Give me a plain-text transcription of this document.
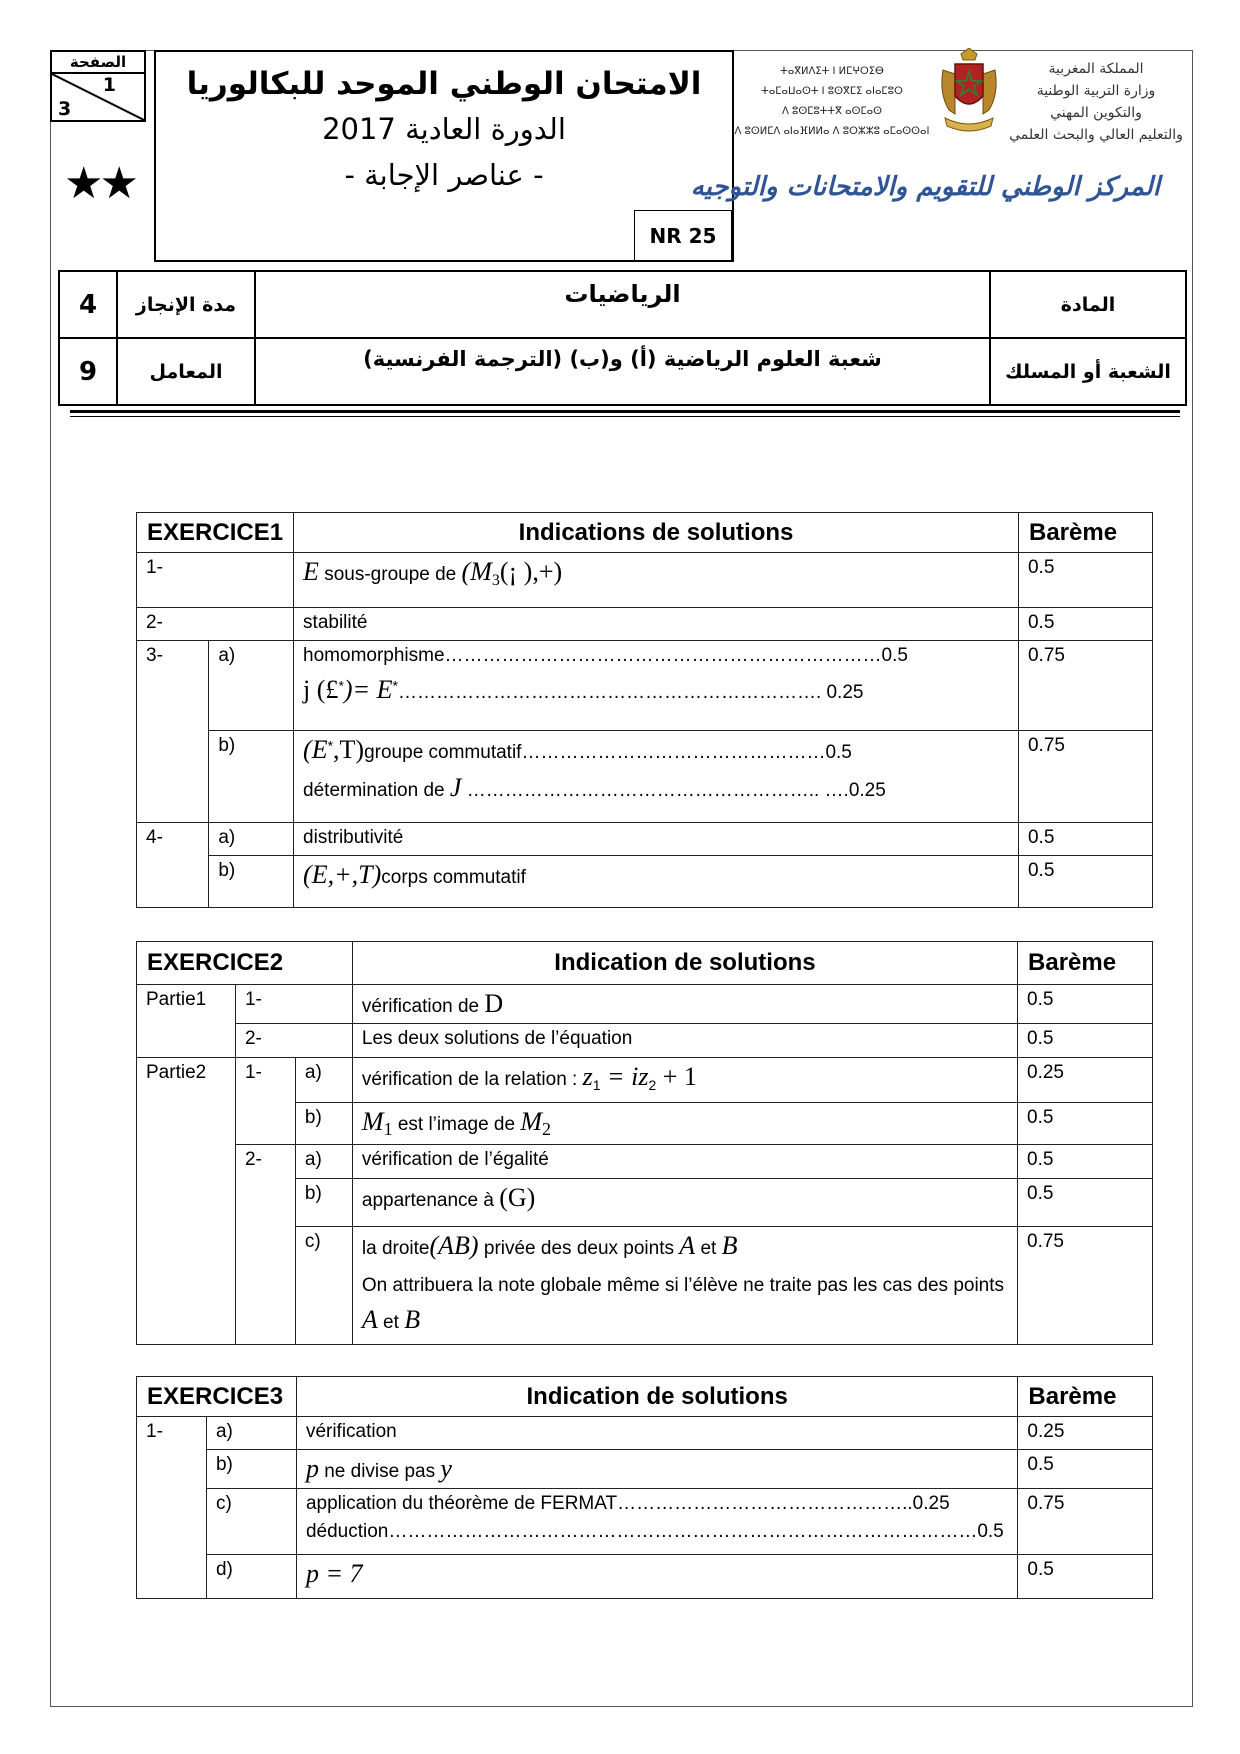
الصفحة
1
3
★★
الامتحان الوطني الموحد للبكالوريا
الدورة العادية 2017
- عناصر الإجابة -
NR 25
ⵜⴰⴳⵍⴷⵉⵜ ⵏ ⵍⵎⵖⵔⵉⴱ
ⵜⴰⵎⴰⵡⴰⵙⵜ ⵏ ⵓⵙⴳⵎⵉ ⴰⵏⴰⵎⵓⵔ
ⴷ ⵓⵙⵎⵓⵜⵜⴳ ⴰⵙⵎⴰⵙ
ⴷ ⵓⵙⵍⵎⴷ ⴰⵏⴰⴼⵍⵍⴰ ⴷ ⵓⵔⵣⵣⵓ ⴰⵎⴰⵙⵙⴰⵏ
المملكة المغربية
وزارة التربية الوطنية
والتكوين المهني
والتعليم العالي والبحث العلمي
المركز الوطني للتقويم والامتحانات والتوجيه
4	مدة الإنجاز	الرياضيات	المادة
9	المعامل	شعبة العلوم الرياضية (أ) و(ب) (الترجمة الفرنسية)	الشعبة أو المسلك
EXERCICE1		Indications de solutions	Barème
1-		E sous-groupe de ($M_3(¡$ ),+)	0.5
2-		stabilité	0.5
3-	a)	homomorphisme……………………………………………………………0.5
j (£*)= E*…………………………………………………………. 0.25	0.75
	b)	(E*,T)groupe commutatif…………………………………………0.5
détermination de J ……………………………………………….. ….0.25	0.75
4-	a)	distributivité	0.5
	b)	(E,+,T)corps commutatif	0.5
EXERCICE2			Indication de solutions	Barème
Partie1	1-		vérification de D	0.5
	2-		Les deux solutions de l’équation	0.5
Partie2	1-	a)	vérification de la relation : $z_1 = iz_2 + 1$	0.25
		b)	$M_1$ est l’image de $M_2$	0.5
	2-	a)	vérification de l’égalité	0.5
		b)	appartenance à (G)	0.5
		c)	la droite(AB) privée des deux points A et B
On attribuera la note globale même si l’élève ne traite pas les cas des points A et B	0.75
EXERCICE3		Indication de solutions	Barème
1-	a)	vérification	0.25
	b)	p ne divise pas y	0.5
	c)	application du théorème de FERMAT………………………………………..0.25
déduction…………………………………………………………………………………0.5	0.75
	d)	p = 7	0.5
